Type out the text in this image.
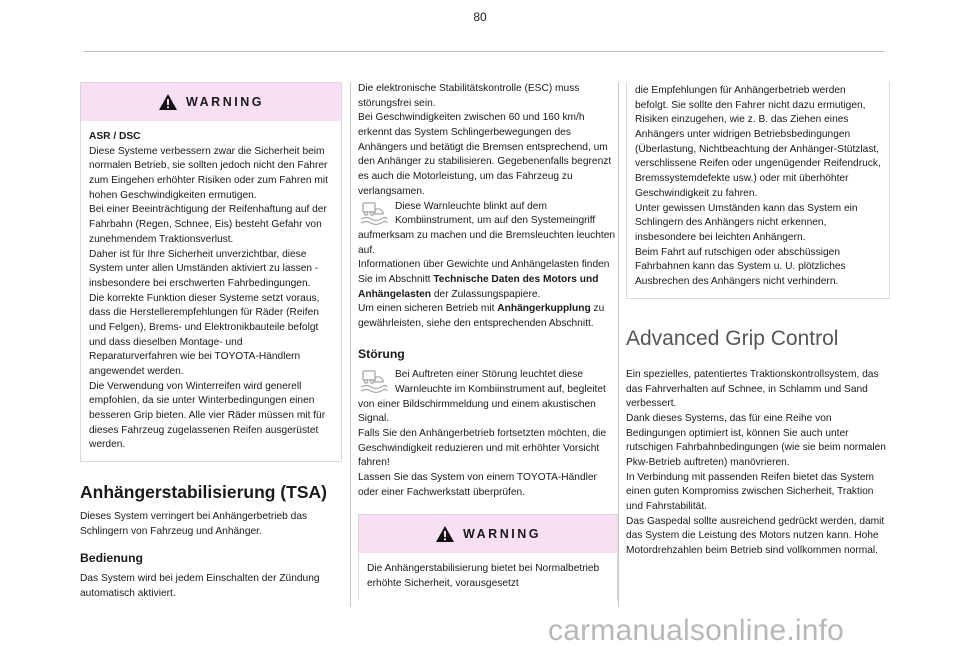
80
WARNING

ASR / DSC

Diese Systeme verbessern zwar die Sicherheit beim normalen Betrieb, sie sollten jedoch nicht den Fahrer zum Eingehen erhöhter Risiken oder zum Fahren mit hohen Geschwindigkeiten ermutigen.
Bei einer Beeinträchtigung der Reifenhaftung auf der Fahrbahn (Regen, Schnee, Eis) besteht Gefahr von zunehmendem Traktionsverlust.
Daher ist für Ihre Sicherheit unverzichtbar, diese System unter allen Umständen aktiviert zu lassen - insbesondere bei erschwerten Fahrbedingungen.
Die korrekte Funktion dieser Systeme setzt voraus, dass die Herstellerempfehlungen für Räder (Reifen und Felgen), Brems- und Elektronikbauteile befolgt und dass dieselben Montage- und Reparaturverfahren wie bei TOYOTA-Händlern angewendet werden.
Die Verwendung von Winterreifen wird generell empfohlen, da sie unter Winterbedingungen einen besseren Grip bieten. Alle vier Räder müssen mit für dieses Fahrzeug zugelassenen Reifen ausgerüstet werden.

Anhängerstabilisierung (TSA)

Dieses System verringert bei Anhängerbetrieb das Schlingern von Fahrzeug und Anhänger.

Bedienung

Das System wird bei jedem Einschalten der Zündung automatisch aktiviert.

Die elektronische Stabilitätskontrolle (ESC) muss störungsfrei sein.
Bei Geschwindigkeiten zwischen 60 und 160 km/h erkennt das System Schlingerbewegungen des Anhängers und betätigt die Bremsen entsprechend, um den Anhänger zu stabilisieren. Gegebenenfalls begrenzt es auch die Motorleistung, um das Fahrzeug zu verlangsamen.

Diese Warnleuchte blinkt auf dem Kombiinstrument, um auf den Systemeingriff aufmerksam zu machen und die Bremsleuchten leuchten auf.

Informationen über Gewichte und Anhängelasten finden Sie im Abschnitt Technische Daten des Motors und Anhängelasten der Zulassungspapiere.

Um einen sicheren Betrieb mit Anhängerkupplung zu gewährleisten, siehe den entsprechenden Abschnitt.

Störung
Bei Auftreten einer Störung leuchtet diese Warnleuchte im Kombiinstrument auf, begleitet von einer Bildschirmmeldung und einem akustischen Signal.

Falls Sie den Anhängerbetrieb fortsetzten möchten, die Geschwindigkeit reduzieren und mit erhöhter Vorsicht fahren!
Lassen Sie das System von einem TOYOTA-Händler oder einer Fachwerkstatt überprüfen.

WARNING

Die Anhängerstabilisierung bietet bei Normalbetrieb erhöhte Sicherheit, vorausgesetzt

die Empfehlungen für Anhängerbetrieb werden befolgt. Sie sollte den Fahrer nicht dazu ermutigen, Risiken einzugehen, wie z. B. das Ziehen eines Anhängers unter widrigen Betriebsbedingungen (Überlastung, Nichtbeachtung der Anhänger-Stützlast, verschlissene Reifen oder ungenügender Reifendruck, Bremssystemdefekte usw.) oder mit überhöhter Geschwindigkeit zu fahren.
Unter gewissen Umständen kann das System ein Schlingern des Anhängers nicht erkennen, insbesondere bei leichten Anhängern.
Beim Fahrt auf rutschigen oder abschüssigen Fahrbahnen kann das System u. U. plötzliches Ausbrechen des Anhängers nicht verhindern.

Advanced Grip Control

Ein spezielles, patentiertes Traktionskontrollsystem, das das Fahrverhalten auf Schnee, in Schlamm und Sand verbessert.
Dank dieses Systems, das für eine Reihe von Bedingungen optimiert ist, können Sie auch unter rutschigen Fahrbahnbedingungen (wie sie beim normalen Pkw-Betrieb auftreten) manövrieren.
In Verbindung mit passenden Reifen bietet das System einen guten Kompromiss zwischen Sicherheit, Traktion und Fahrstabilität.
Das Gaspedal sollte ausreichend gedrückt werden, damit das System die Leistung des Motors nutzen kann. Hohe Motordrehzahlen beim Betrieb sind vollkommen normal.

carmanualsonline.info
